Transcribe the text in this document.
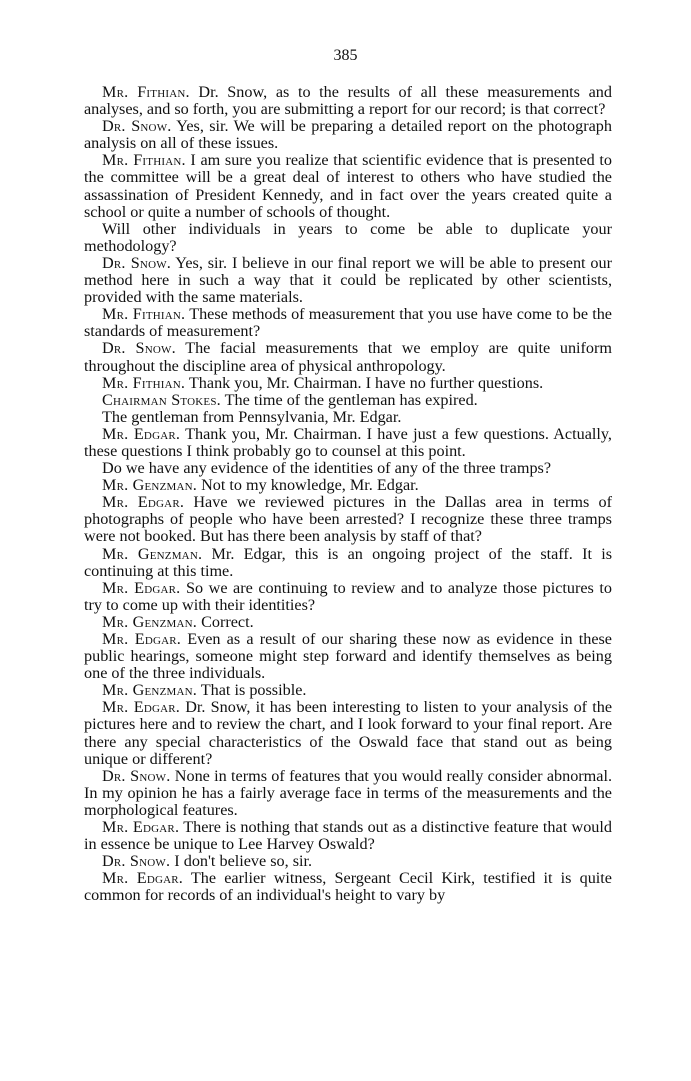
385

Mr. Fithian. Dr. Snow, as to the results of all these measurements and analyses, and so forth, you are submitting a report for our record; is that correct?

Dr. Snow. Yes, sir. We will be preparing a detailed report on the photograph analysis on all of these issues.

Mr. Fithian. I am sure you realize that scientific evidence that is presented to the committee will be a great deal of interest to others who have studied the assassination of President Kennedy, and in fact over the years created quite a school or quite a number of schools of thought.

Will other individuals in years to come be able to duplicate your methodology?

Dr. Snow. Yes, sir. I believe in our final report we will be able to present our method here in such a way that it could be replicated by other scientists, provided with the same materials.

Mr. Fithian. These methods of measurement that you use have come to be the standards of measurement?

Dr. Snow. The facial measurements that we employ are quite uniform throughout the discipline area of physical anthropology.

Mr. Fithian. Thank you, Mr. Chairman. I have no further questions.

Chairman Stokes. The time of the gentleman has expired.

The gentleman from Pennsylvania, Mr. Edgar.

Mr. Edgar. Thank you, Mr. Chairman. I have just a few questions. Actually, these questions I think probably go to counsel at this point.

Do we have any evidence of the identities of any of the three tramps?

Mr. Genzman. Not to my knowledge, Mr. Edgar.

Mr. Edgar. Have we reviewed pictures in the Dallas area in terms of photographs of people who have been arrested? I recognize these three tramps were not booked. But has there been analysis by staff of that?

Mr. Genzman. Mr. Edgar, this is an ongoing project of the staff. It is continuing at this time.

Mr. Edgar. So we are continuing to review and to analyze those pictures to try to come up with their identities?

Mr. Genzman. Correct.

Mr. Edgar. Even as a result of our sharing these now as evidence in these public hearings, someone might step forward and identify themselves as being one of the three individuals.

Mr. Genzman. That is possible.

Mr. Edgar. Dr. Snow, it has been interesting to listen to your analysis of the pictures here and to review the chart, and I look forward to your final report. Are there any special characteristics of the Oswald face that stand out as being unique or different?

Dr. Snow. None in terms of features that you would really consider abnormal. In my opinion he has a fairly average face in terms of the measurements and the morphological features.

Mr. Edgar. There is nothing that stands out as a distinctive feature that would in essence be unique to Lee Harvey Oswald?

Dr. Snow. I don't believe so, sir.

Mr. Edgar. The earlier witness, Sergeant Cecil Kirk, testified it is quite common for records of an individual's height to vary by
